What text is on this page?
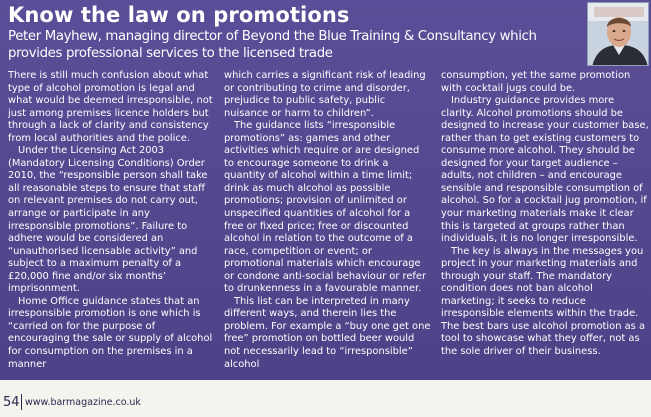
Know the law on promotions

Peter Mayhew, managing director of Beyond the Blue Training & Consultancy which provides professional services to the licensed trade

There is still much confusion about what type of alcohol promotion is legal and what would be deemed irresponsible, not just among premises licence holders but through a lack of clarity and consistency from local authorities and the police.

Under the Licensing Act 2003 (Mandatory Licensing Conditions) Order 2010, the “responsible person shall take all reasonable steps to ensure that staff on relevant premises do not carry out, arrange or participate in any irresponsible promotions”. Failure to adhere would be considered an “unauthorised licensable activity” and subject to a maximum penalty of a £20,000 fine and/or six months’ imprisonment.

Home Office guidance states that an irresponsible promotion is one which is “carried on for the purpose of encouraging the sale or supply of alcohol for consumption on the premises in a manner

which carries a significant risk of leading or contributing to crime and disorder, prejudice to public safety, public nuisance or harm to children”.

The guidance lists “irresponsible promotions” as: games and other activities which require or are designed to encourage someone to drink a quantity of alcohol within a time limit; drink as much alcohol as possible promotions; provision of unlimited or unspecified quantities of alcohol for a free or fixed price; free or discounted alcohol in relation to the outcome of a race, competition or event; or promotional materials which encourage or condone anti-social behaviour or refer to drunkenness in a favourable manner.

This list can be interpreted in many different ways, and therein lies the problem. For example a “buy one get one free” promotion on bottled beer would not necessarily lead to “irresponsible” alcohol

consumption, yet the same promotion with cocktail jugs could be.

Industry guidance provides more clarity. Alcohol promotions should be designed to increase your customer base, rather than to get existing customers to consume more alcohol. They should be designed for your target audience – adults, not children – and encourage sensible and responsible consumption of alcohol. So for a cocktail jug promotion, if your marketing materials make it clear this is targeted at groups rather than individuals, it is no longer irresponsible.

The key is always in the messages you project in your marketing materials and through your staff. The mandatory condition does not ban alcohol marketing; it seeks to reduce irresponsible elements within the trade. The best bars use alcohol promotion as a tool to showcase what they offer, not as the sole driver of their business.

54 www.barmagazine.co.uk
